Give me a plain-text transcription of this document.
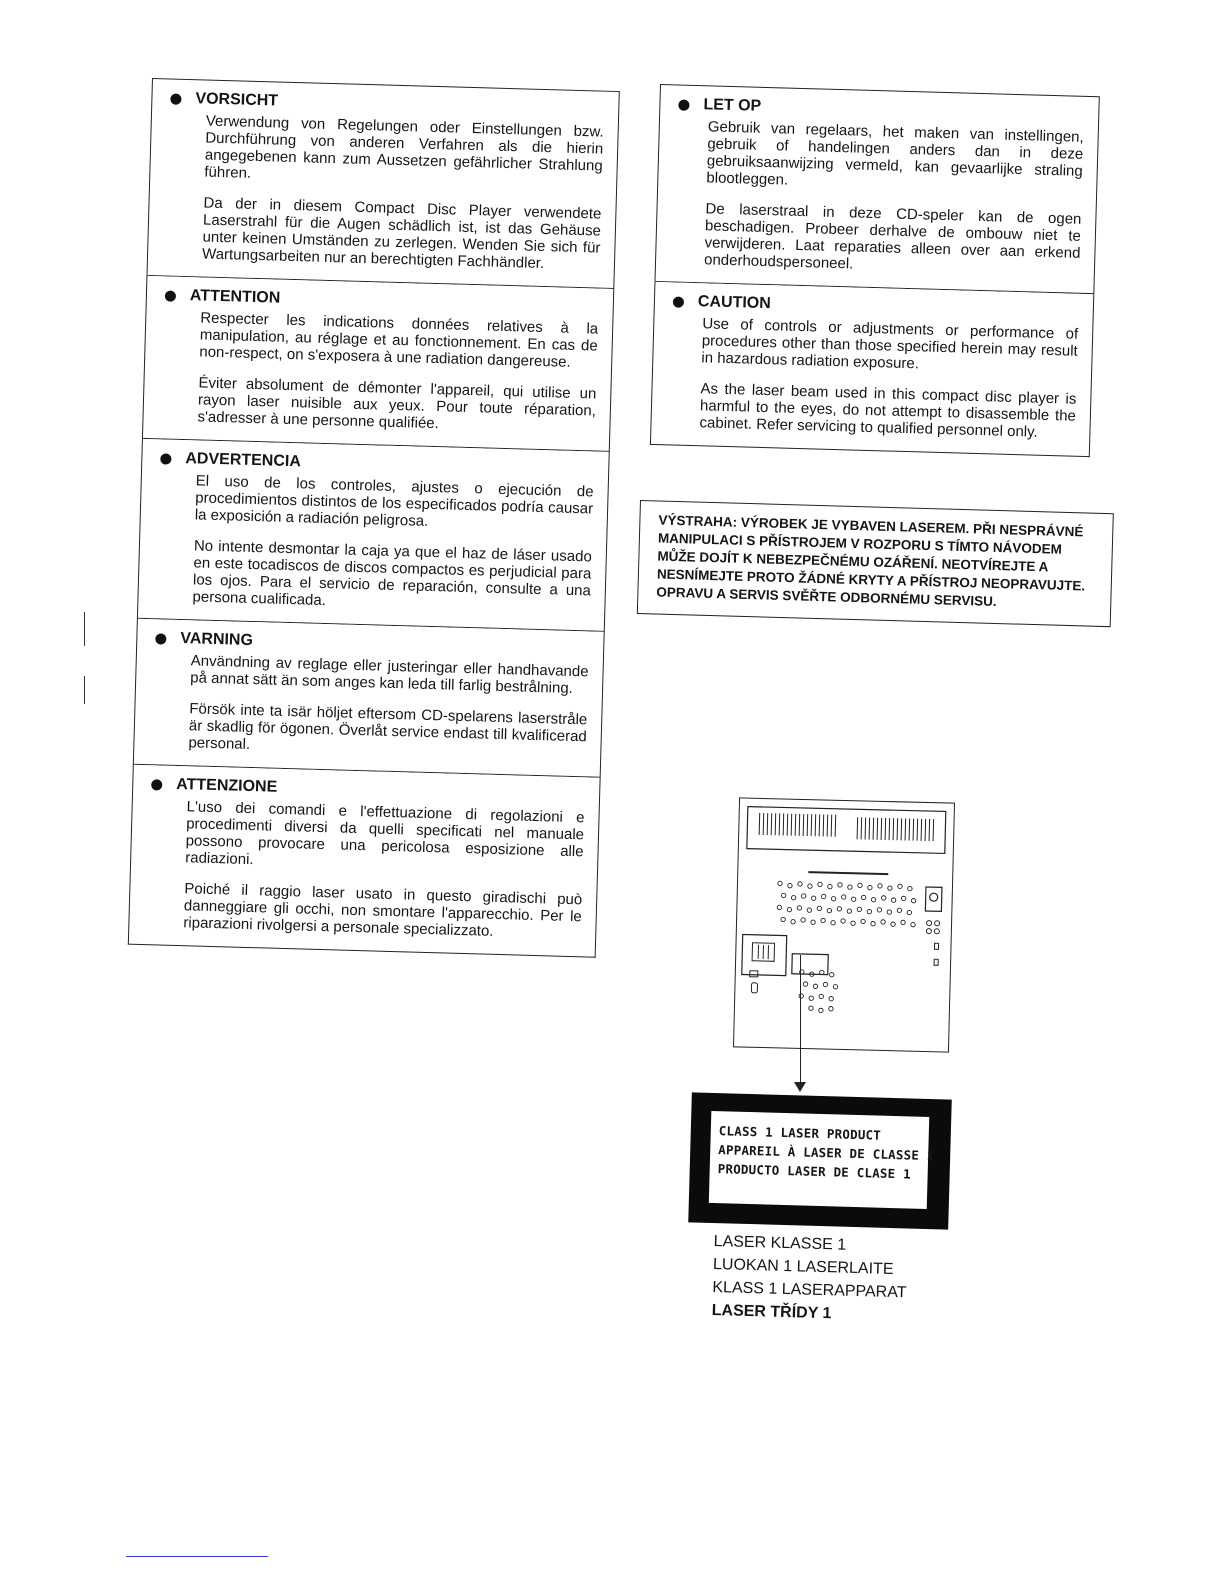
VORSICHT

Verwendung von Regelungen oder Einstellungen bzw. Durchführung von anderen Verfahren als die hierin angegebenen kann zum Aussetzen gefährlicher Strahlung führen.

Da der in diesem Compact Disc Player verwendete Laserstrahl für die Augen schädlich ist, ist das Gehäuse unter keinen Umständen zu zerlegen. Wenden Sie sich für Wartungsarbeiten nur an berechtigten Fachhändler.

ATTENTION

Respecter les indications données relatives à la manipulation, au réglage et au fonctionnement. En cas de non-respect, on s'exposera à une radiation dangereuse.

Éviter absolument de démonter l'appareil, qui utilise un rayon laser nuisible aux yeux. Pour toute réparation, s'adresser à une personne qualifiée.

ADVERTENCIA

El uso de los controles, ajustes o ejecución de procedimientos distintos de los especificados podría causar la exposición a radiación peligrosa.

No intente desmontar la caja ya que el haz de láser usado en este tocadiscos de discos compactos es perjudicial para los ojos. Para el servicio de reparación, consulte a una persona cualificada.

VARNING

Användning av reglage eller justeringar eller handhavande på annat sätt än som anges kan leda till farlig bestrålning.

Försök inte ta isär höljet eftersom CD-spelarens laserstråle är skadlig för ögonen. Överlåt service endast till kvalificerad personal.

ATTENZIONE

L'uso dei comandi e l'effettuazione di regolazioni e procedimenti diversi da quelli specificati nel manuale possono provocare una pericolosa esposizione alle radiazioni.

Poiché il raggio laser usato in questo giradischi può danneggiare gli occhi, non smontare l'apparecchio. Per le riparazioni rivolgersi a personale specializzato.

LET OP

Gebruik van regelaars, het maken van instellingen, gebruik of handelingen anders dan in deze gebruiksaanwijzing vermeld, kan gevaarlijke straling blootleggen.

De laserstraal in deze CD-speler kan de ogen beschadigen. Probeer derhalve de ombouw niet te verwijderen. Laat reparaties alleen over aan erkend onderhoudspersoneel.

CAUTION

Use of controls or adjustments or performance of procedures other than those specified herein may result in hazardous radiation exposure.

As the laser beam used in this compact disc player is harmful to the eyes, do not attempt to disassemble the cabinet. Refer servicing to qualified personnel only.

VÝSTRAHA: VÝROBEK JE VYBAVEN LASEREM. PŘI NESPRÁVNÉ MANIPULACI S PŘÍSTROJEM V ROZPORU S TÍMTO NÁVODEM MŮŽE DOJÍT K NEBEZPEČNÉMU OZÁŘENÍ. NEOTVÍREJTE A NESNÍMEJTE PROTO ŽÁDNÉ KRYTY A PŘÍSTROJ NEOPRAVUJTE. OPRAVU A SERVIS SVĚŘTE ODBORNÉMU SERVISU.

CLASS 1 LASER PRODUCT
APPAREIL À LASER DE CLASSE 1
PRODUCTO LASER DE CLASE 1
LASER KLASSE 1
LUOKAN 1 LASERLAITE
KLASS 1 LASERAPPARAT
LASER TŘÍDY 1
